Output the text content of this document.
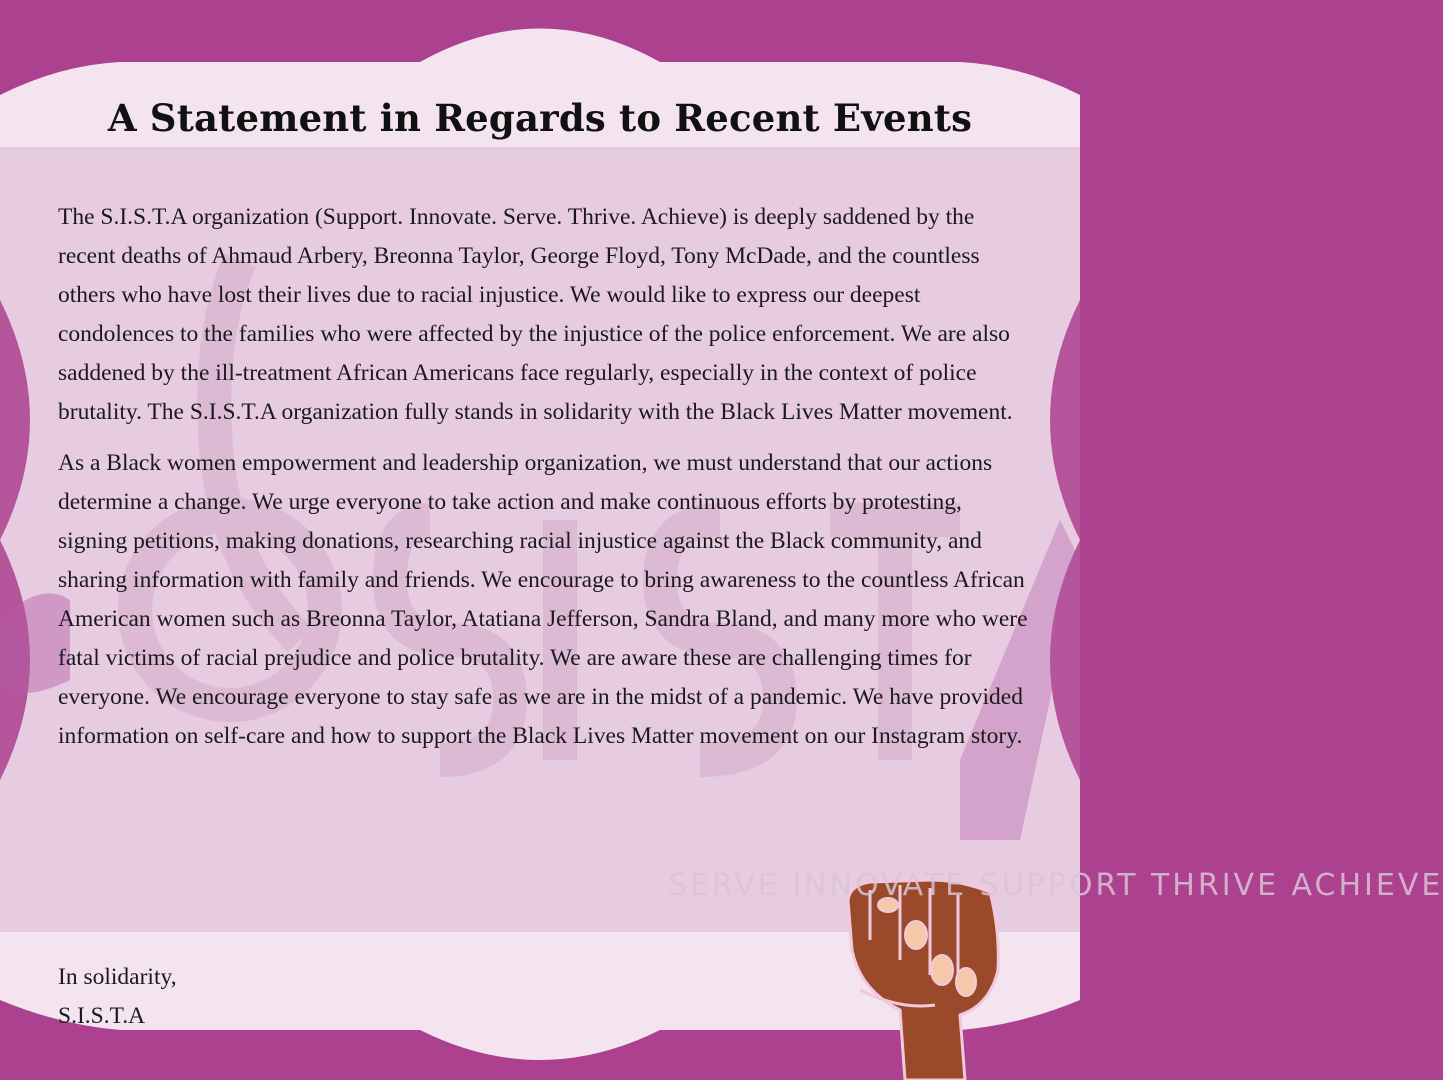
SERVE INNOVATE SUPPORT THRIVE ACHIEVE
A Statement in Regards to Recent Events

The S.I.S.T.A organization (Support. Innovate. Serve. Thrive. Achieve) is deeply saddened by the recent deaths of Ahmaud Arbery, Breonna Taylor, George Floyd, Tony McDade, and the countless others who have lost their lives due to racial injustice. We would like to express our deepest condolences to the families who were affected by the injustice of the police enforcement. We are also saddened by the ill-treatment African Americans face regularly, especially in the context of police brutality. The S.I.S.T.A organization fully stands in solidarity with the Black Lives Matter movement.

As a Black women empowerment and leadership organization, we must understand that our actions determine a change. We urge everyone to take action and make continuous efforts by protesting, signing petitions, making donations, researching racial injustice against the Black community, and sharing information with family and friends. We encourage to bring awareness to the countless African American women such as Breonna Taylor, Atatiana Jefferson, Sandra Bland, and many more who were fatal victims of racial prejudice and police brutality. We are aware these are challenging times for everyone. We encourage everyone to stay safe as we are in the midst of a pandemic. We have provided information on self-care and how to support the Black Lives Matter movement on our Instagram story.

In solidarity,
S.I.S.T.A
